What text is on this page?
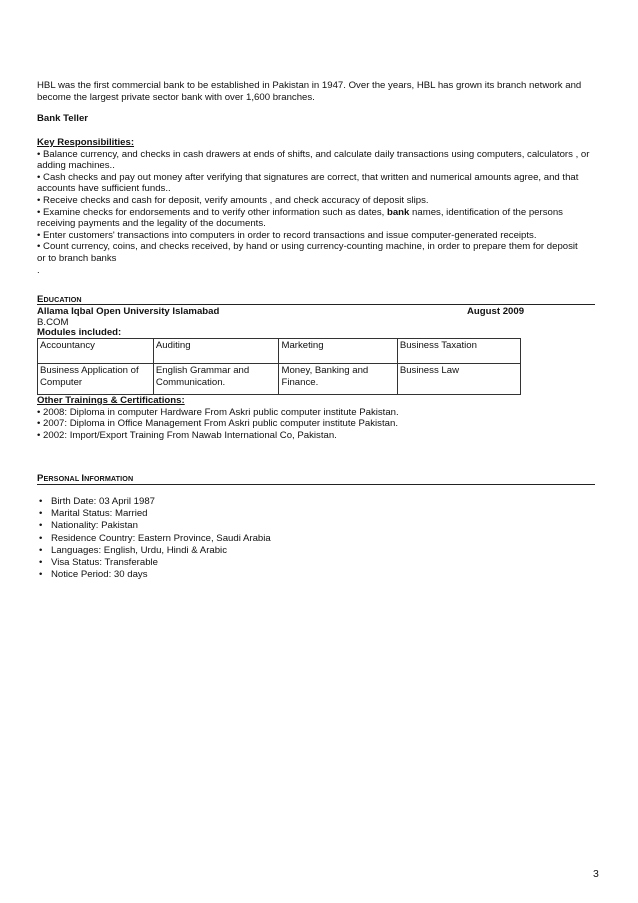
HBL was the first commercial bank to be established in Pakistan in 1947. Over the years, HBL has grown its branch network and

become the largest private sector bank with over 1,600 branches.

Bank Teller

Key Responsibilities:

• Balance currency, and checks in cash drawers at ends of shifts, and calculate daily transactions using computers, calculators , or

adding machines..

• Cash checks and pay out money after verifying that signatures are correct, that written and numerical amounts agree, and that

accounts have sufficient funds..

• Receive checks and cash for deposit, verify amounts , and check accuracy of deposit slips.

• Examine checks for endorsements and to verify other information such as dates, bank names, identification of the persons

receiving payments and the legality of the documents.

• Enter customers' transactions into computers in order to record transactions and issue computer-generated receipts.

• Count currency, coins, and checks received, by hand or using currency-counting machine, in order to prepare them for deposit

or to branch banks

.

EDUCATION
Allama Iqbal Open University Islamabad	August 2009
B.COM
Modules included:
Accountancy	Auditing	Marketing	Business Taxation
Business Application of Computer	English Grammar and Communication.	Money, Banking and Finance.	Business Law

Other Trainings & Certifications:

• 2008: Diploma in computer Hardware From Askri public computer institute Pakistan.

• 2007: Diploma in Office Management From Askri public computer institute Pakistan.

• 2002: Import/Export Training From Nawab International Co, Pakistan.

PERSONAL INFORMATION
• Birth Date: 03 April 1987
• Marital Status: Married
• Nationality: Pakistan
• Residence Country: Eastern Province, Saudi Arabia
• Languages: English, Urdu, Hindi & Arabic
• Visa Status: Transferable
• Notice Period: 30 days
3
